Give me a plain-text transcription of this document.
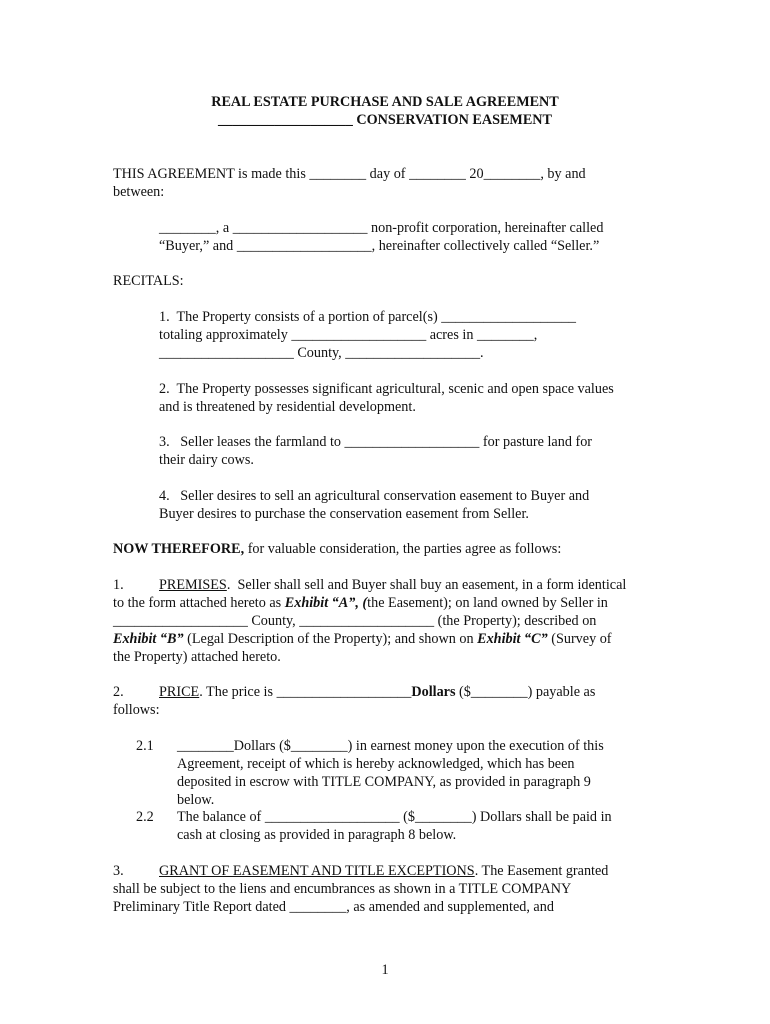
REAL ESTATE PURCHASE AND SALE AGREEMENT
___________________ CONSERVATION EASEMENT
THIS AGREEMENT is made this ________ day of ________ 20________, by and
between:
________, a ___________________ non-profit corporation, hereinafter called
“Buyer,” and ___________________, hereinafter collectively called “Seller.”
RECITALS:
1.  The Property consists of a portion of parcel(s) ___________________
totaling approximately ___________________ acres in ________,
___________________ County, ___________________.
2.  The Property possesses significant agricultural, scenic and open space values
and is threatened by residential development.
3.   Seller leases the farmland to ___________________ for pasture land for
their dairy cows.
4.   Seller desires to sell an agricultural conservation easement to Buyer and
Buyer desires to purchase the conservation easement from Seller.
NOW THEREFORE, for valuable consideration, the parties agree as follows:
1. PREMISES.  Seller shall sell and Buyer shall buy an easement, in a form identical
to the form attached hereto as Exhibit “A”, (the Easement); on land owned by Seller in
___________________ County, ___________________ (the Property); described on
Exhibit “B” (Legal Description of the Property); and shown on Exhibit “C” (Survey of
the Property) attached hereto.
2. PRICE. The price is ___________________Dollars ($________) payable as
follows:
2.1 ________Dollars ($________) in earnest money upon the execution of this
Agreement, receipt of which is hereby acknowledged, which has been
deposited in escrow with TITLE COMPANY, as provided in paragraph 9
below.
2.2 The balance of ___________________ ($________) Dollars shall be paid in
cash at closing as provided in paragraph 8 below.
3. GRANT OF EASEMENT AND TITLE EXCEPTIONS. The Easement granted
shall be subject to the liens and encumbrances as shown in a TITLE COMPANY
Preliminary Title Report dated ________, as amended and supplemented, and
1
